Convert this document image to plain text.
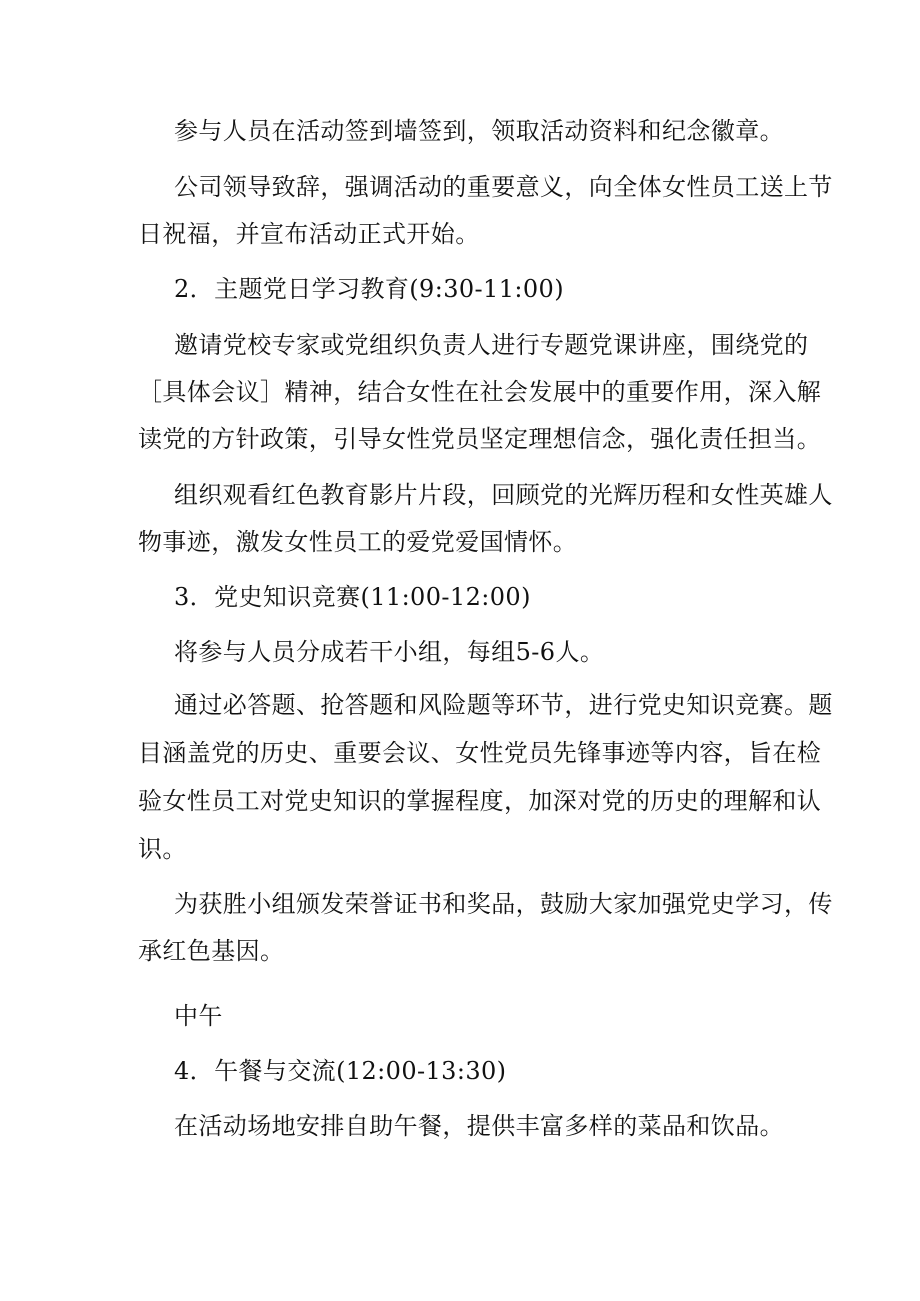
参与人员在活动签到墙签到，领取活动资料和纪念徽章。
公司领导致辞，强调活动的重要意义，向全体女性员工送上节
日祝福，并宣布活动正式开始。
2．主题党日学习教育(9:30-11:00)
邀请党校专家或党组织负责人进行专题党课讲座，围绕党的
［具体会议］精神，结合女性在社会发展中的重要作用，深入解
读党的方针政策，引导女性党员坚定理想信念，强化责任担当。
组织观看红色教育影片片段，回顾党的光辉历程和女性英雄人
物事迹，激发女性员工的爱党爱国情怀。
3．党史知识竞赛(11:00-12:00)
将参与人员分成若干小组，每组5-6人。
通过必答题、抢答题和风险题等环节，进行党史知识竞赛。题
目涵盖党的历史、重要会议、女性党员先锋事迹等内容，旨在检
验女性员工对党史知识的掌握程度，加深对党的历史的理解和认
识。
为获胜小组颁发荣誉证书和奖品，鼓励大家加强党史学习，传
承红色基因。
中午
4．午餐与交流(12:00-13:30)
在活动场地安排自助午餐，提供丰富多样的菜品和饮品。
